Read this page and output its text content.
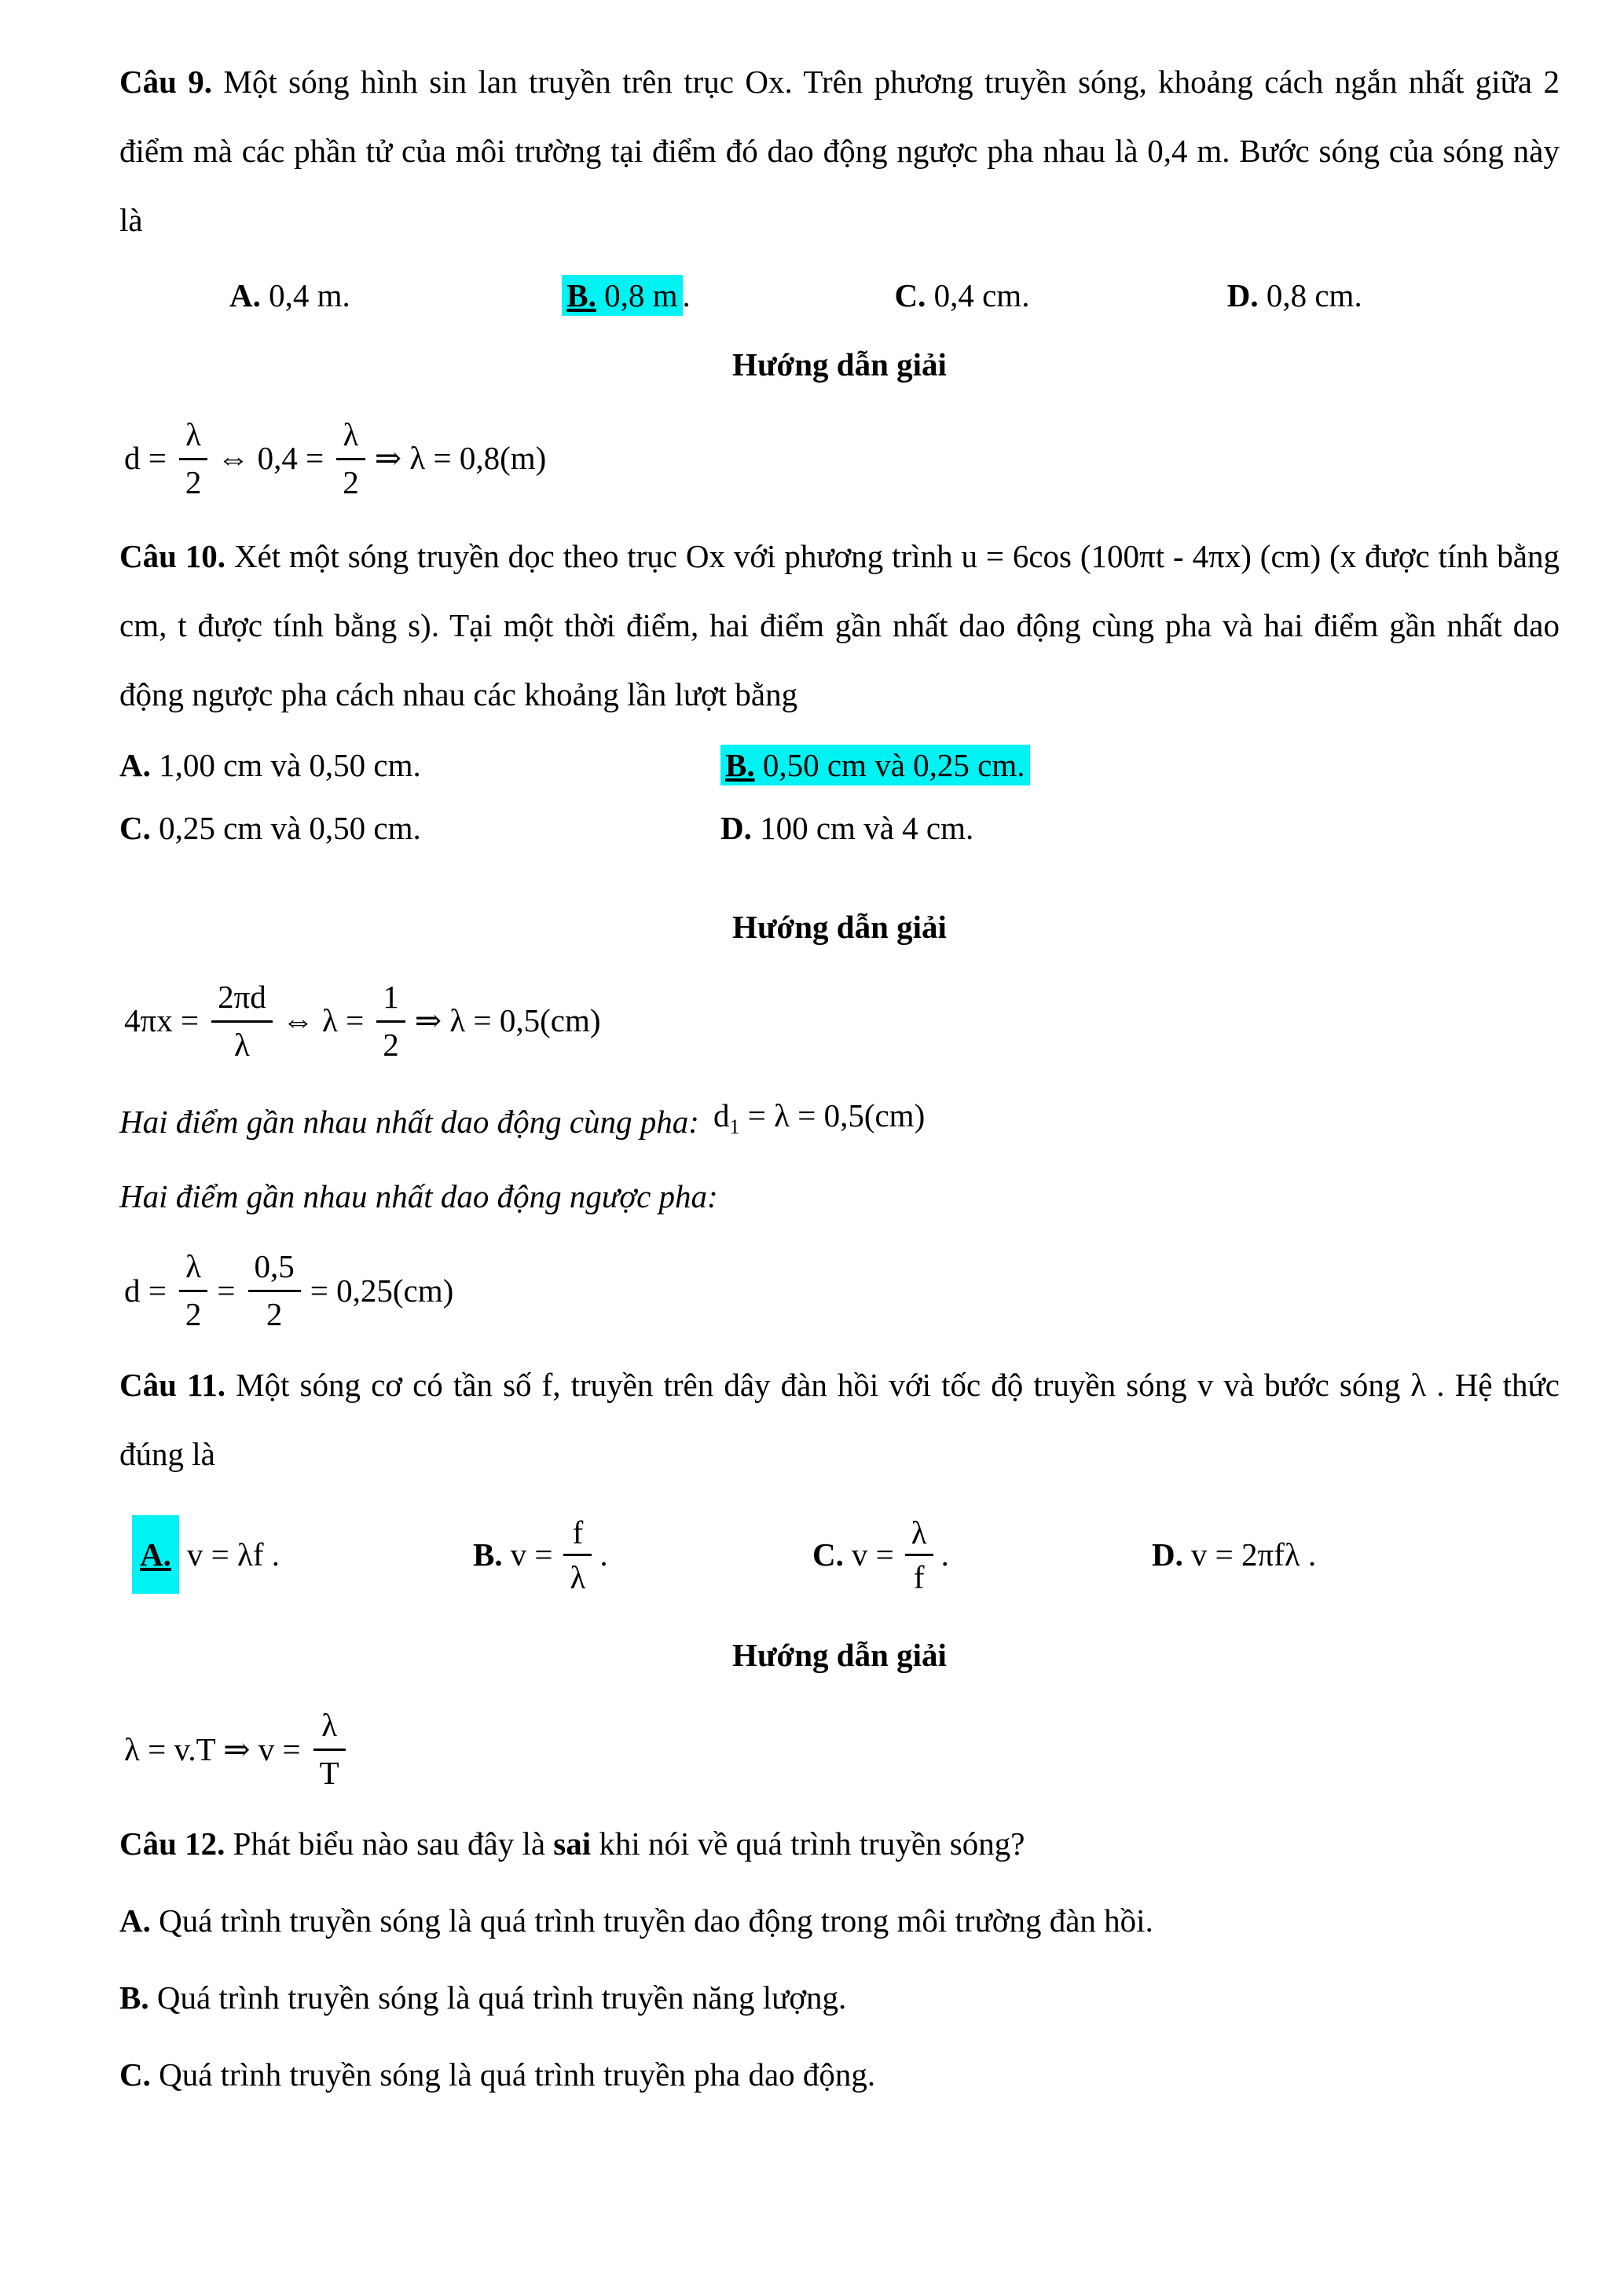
Câu 9. Một sóng hình sin lan truyền trên trục Ox. Trên phương truyền sóng, khoảng cách ngắn nhất giữa 2 điểm mà các phần tử của môi trường tại điểm đó dao động ngược pha nhau là 0,4 m. Bước sóng của sóng này là
A. 0,4 m.	B. 0,8 m .	C. 0,4 cm.	D. 0,8 cm.
Hướng dẫn giải
$d = \frac{\lambda}{2}$ ⇔ $0,4 = \frac{\lambda}{2}$ ⇒ λ = 0,8(m)
Câu 10. Xét một sóng truyền dọc theo trục Ox với phương trình u = 6cos (100πt - 4πx) (cm) (x được tính bằng cm, t được tính bằng s). Tại một thời điểm, hai điểm gần nhất dao động cùng pha và hai điểm gần nhất dao động ngược pha cách nhau các khoảng lần lượt bằng
A. 1,00 cm và 0,50 cm.	B. 0,50 cm và 0,25 cm.
C. 0,25 cm và 0,50 cm.	D. 100 cm và 4 cm.
Hướng dẫn giải
$4\pi x = \frac{2\pi d}{\lambda}$ ⇔ $\lambda = \frac{1}{2}$ ⇒ λ = 0,5(cm)
Hai điểm gần nhau nhất dao động cùng pha: $d_1 = \lambda = 0,5(cm)$
Hai điểm gần nhau nhất dao động ngược pha:
$d = \frac{\lambda}{2} = \frac{0,5}{2} = 0,25(cm)$
Câu 11. Một sóng cơ có tần số f, truyền trên dây đàn hồi với tốc độ truyền sóng v và bước sóng λ . Hệ thức đúng là
A. v = λf .	B. $v = \frac{f}{\lambda}$ .	C. $v = \frac{\lambda}{f}$ .	D. v = 2πfλ .
Hướng dẫn giải
λ = v.T ⇒ $v = \frac{\lambda}{T}$
Câu 12. Phát biểu nào sau đây là sai khi nói về quá trình truyền sóng?
A. Quá trình truyền sóng là quá trình truyền dao động trong môi trường đàn hồi.
B. Quá trình truyền sóng là quá trình truyền năng lượng.
C. Quá trình truyền sóng là quá trình truyền pha dao động.
